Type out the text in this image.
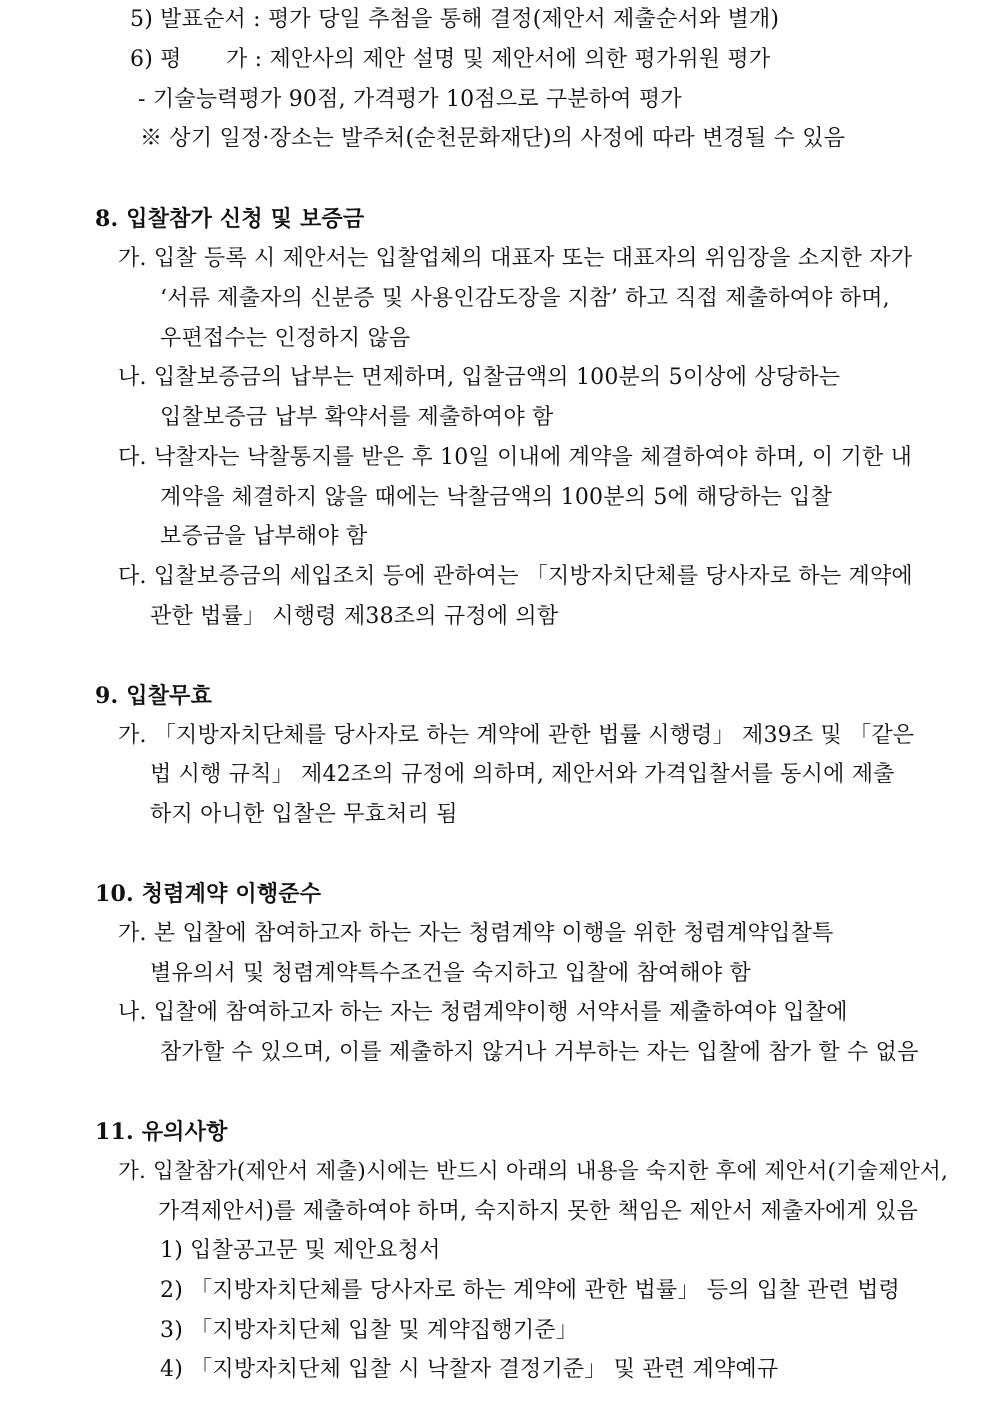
5) 발표순서 : 평가 당일 추첨을 통해 결정(제안서 제출순서와 별개)
6) 평　　가 : 제안사의 제안 설명 및 제안서에 의한 평가위원 평가
- 기술능력평가 90점, 가격평가 10점으로 구분하여 평가
※ 상기 일정·장소는 발주처(순천문화재단)의 사정에 따라 변경될 수 있음
8. 입찰참가 신청 및 보증금
가. 입찰 등록 시 제안서는 입찰업체의 대표자 또는 대표자의 위임장을 소지한 자가
‘서류 제출자의 신분증 및 사용인감도장을 지참’ 하고 직접 제출하여야 하며,
우편접수는 인정하지 않음
나. 입찰보증금의 납부는 면제하며, 입찰금액의 100분의 5이상에 상당하는
입찰보증금 납부 확약서를 제출하여야 함
다. 낙찰자는 낙찰통지를 받은 후 10일 이내에 계약을 체결하여야 하며, 이 기한 내
계약을 체결하지 않을 때에는 낙찰금액의 100분의 5에 해당하는 입찰
보증금을 납부해야 함
다. 입찰보증금의 세입조치 등에 관하여는 「지방자치단체를 당사자로 하는 계약에
관한 법률」 시행령 제38조의 규정에 의함
9. 입찰무효
가. 「지방자치단체를 당사자로 하는 계약에 관한 법률 시행령」 제39조 및 「같은
법 시행 규칙」 제42조의 규정에 의하며, 제안서와 가격입찰서를 동시에 제출
하지 아니한 입찰은 무효처리 됨
10. 청렴계약 이행준수
가. 본 입찰에 참여하고자 하는 자는 청렴계약 이행을 위한 청렴계약입찰특
별유의서 및 청렴계약특수조건을 숙지하고 입찰에 참여해야 함
나. 입찰에 참여하고자 하는 자는 청렴계약이행 서약서를 제출하여야 입찰에
참가할 수 있으며, 이를 제출하지 않거나 거부하는 자는 입찰에 참가 할 수 없음
11. 유의사항
가. 입찰참가(제안서 제출)시에는 반드시 아래의 내용을 숙지한 후에 제안서(기술제안서,
가격제안서)를 제출하여야 하며, 숙지하지 못한 책임은 제안서 제출자에게 있음
1) 입찰공고문 및 제안요청서
2) 「지방자치단체를 당사자로 하는 계약에 관한 법률」 등의 입찰 관련 법령
3) 「지방자치단체 입찰 및 계약집행기준」
4) 「지방자치단체 입찰 시 낙찰자 결정기준」 및 관련 계약예규
